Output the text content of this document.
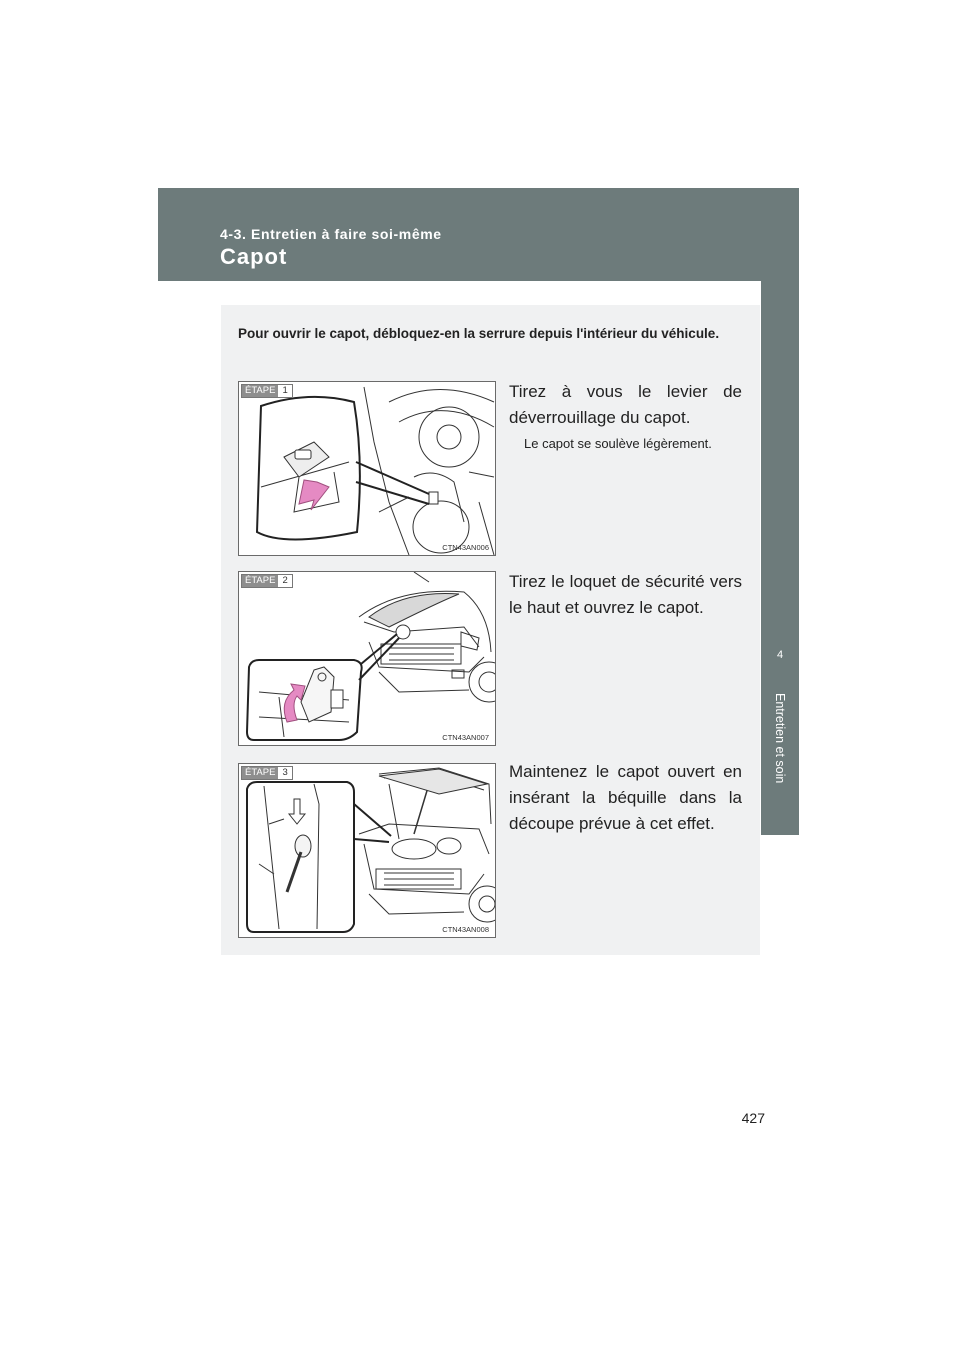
4-3. Entretien à faire soi-même
Capot
4
Entretien et soin
Pour ouvrir le capot, débloquez-en la serrure depuis l'intérieur du véhicule.
ÉTAPE 1
CTN43AN006
Tirez à vous le levier de déverrouillage du capot.
Le capot se soulève légèrement.
ÉTAPE 2
CTN43AN007
Tirez le loquet de sécurité vers le haut et ouvrez le capot.
ÉTAPE 3
CTN43AN008
Maintenez le capot ouvert en insérant la béquille dans la découpe prévue à cet effet.
427
